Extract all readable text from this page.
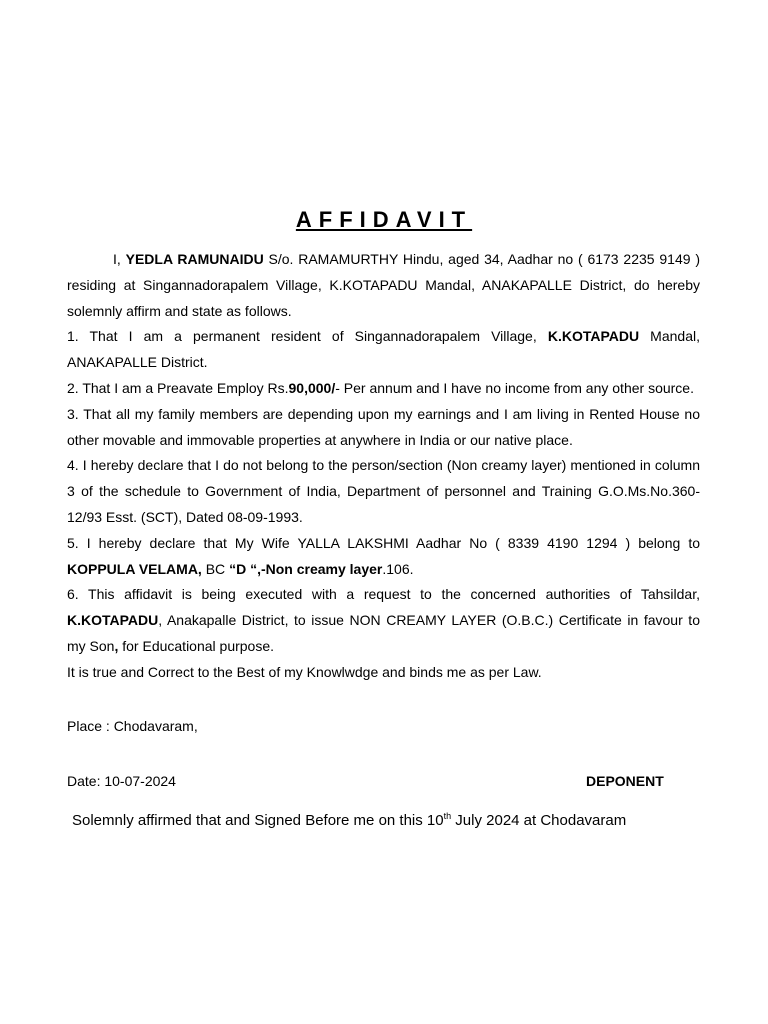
AFFIDAVIT

I, YEDLA RAMUNAIDU S/o. RAMAMURTHY Hindu, aged 34, Aadhar no ( 6173 2235 9149 ) residing at Singannadorapalem Village, K.KOTAPADU Mandal, ANAKAPALLE District, do hereby solemnly affirm and state as follows.

1. That I am a permanent resident of Singannadorapalem Village, K.KOTAPADU Mandal, ANAKAPALLE District.

2. That I am a Preavate Employ Rs.90,000/- Per annum and I have no income from any other source.

3. That all my family members are depending upon my earnings and I am living in Rented House no other movable and immovable properties at anywhere in India or our native place.

4. I hereby declare that I do not belong to the person/section (Non creamy layer) mentioned in column 3 of the schedule to Government of India, Department of personnel and Training G.O.Ms.No.360-12/93 Esst. (SCT), Dated 08-09-1993.

5. I hereby declare that My Wife YALLA LAKSHMI Aadhar No ( 8339 4190 1294 ) belong to KOPPULA VELAMA, BC “D “,-Non creamy layer.106.

6. This affidavit is being executed with a request to the concerned authorities of Tahsildar, K.KOTAPADU, Anakapalle District, to issue NON CREAMY LAYER (O.B.C.) Certificate in favour to my Son, for Educational purpose.

It is true and Correct to the Best of my Knowlwdge and binds me as per Law.

Place : Chodavaram,
Date: 10-07-2024	DEPONENT
Solemnly affirmed that and Signed Before me on this 10th July 2024 at Chodavaram
